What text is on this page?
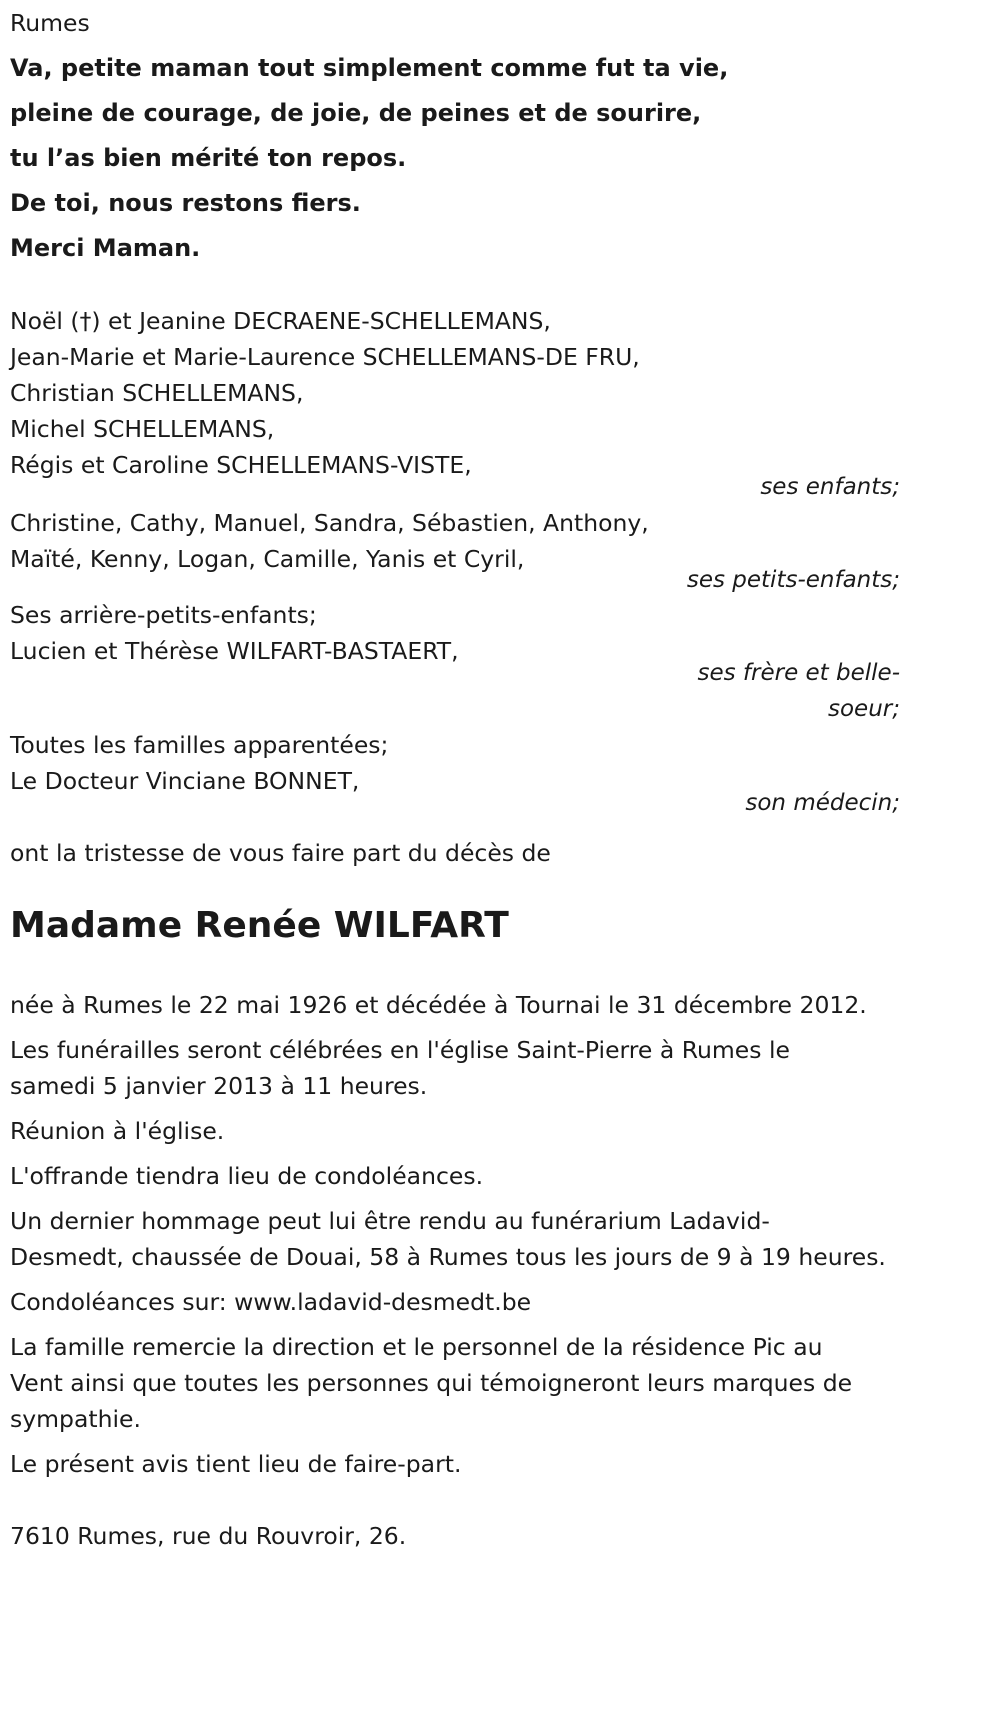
Rumes
Va, petite maman tout simplement comme fut ta vie,
pleine de courage, de joie, de peines et de sourire,
tu l’as bien mérité ton repos.
De toi, nous restons fiers.
Merci Maman.
Noël (†) et Jeanine DECRAENE-SCHELLEMANS,
Jean-Marie et Marie-Laurence SCHELLEMANS-DE FRU,
Christian SCHELLEMANS,
Michel SCHELLEMANS,
Régis et Caroline SCHELLEMANS-VISTE,
ses enfants;
Christine, Cathy, Manuel, Sandra, Sébastien, Anthony,
Maïté, Kenny, Logan, Camille, Yanis et Cyril,
ses petits-enfants;
Ses arrière-petits-enfants;
Lucien et Thérèse WILFART-BASTAERT,
ses frère et belle-
soeur;
Toutes les familles apparentées;
Le Docteur Vinciane BONNET,
son médecin;
ont la tristesse de vous faire part du décès de
Madame Renée WILFART
née à Rumes le 22 mai 1926 et décédée à Tournai le 31 décembre 2012.
Les funérailles seront célébrées en l'église Saint-Pierre à Rumes le
samedi 5 janvier 2013 à 11 heures.
Réunion à l'église.
L'offrande tiendra lieu de condoléances.
Un dernier hommage peut lui être rendu au funérarium Ladavid-
Desmedt, chaussée de Douai, 58 à Rumes tous les jours de 9 à 19 heures.
Condoléances sur: www.ladavid-desmedt.be
La famille remercie la direction et le personnel de la résidence Pic au
Vent ainsi que toutes les personnes qui témoigneront leurs marques de
sympathie.
Le présent avis tient lieu de faire-part.
7610 Rumes, rue du Rouvroir, 26.
